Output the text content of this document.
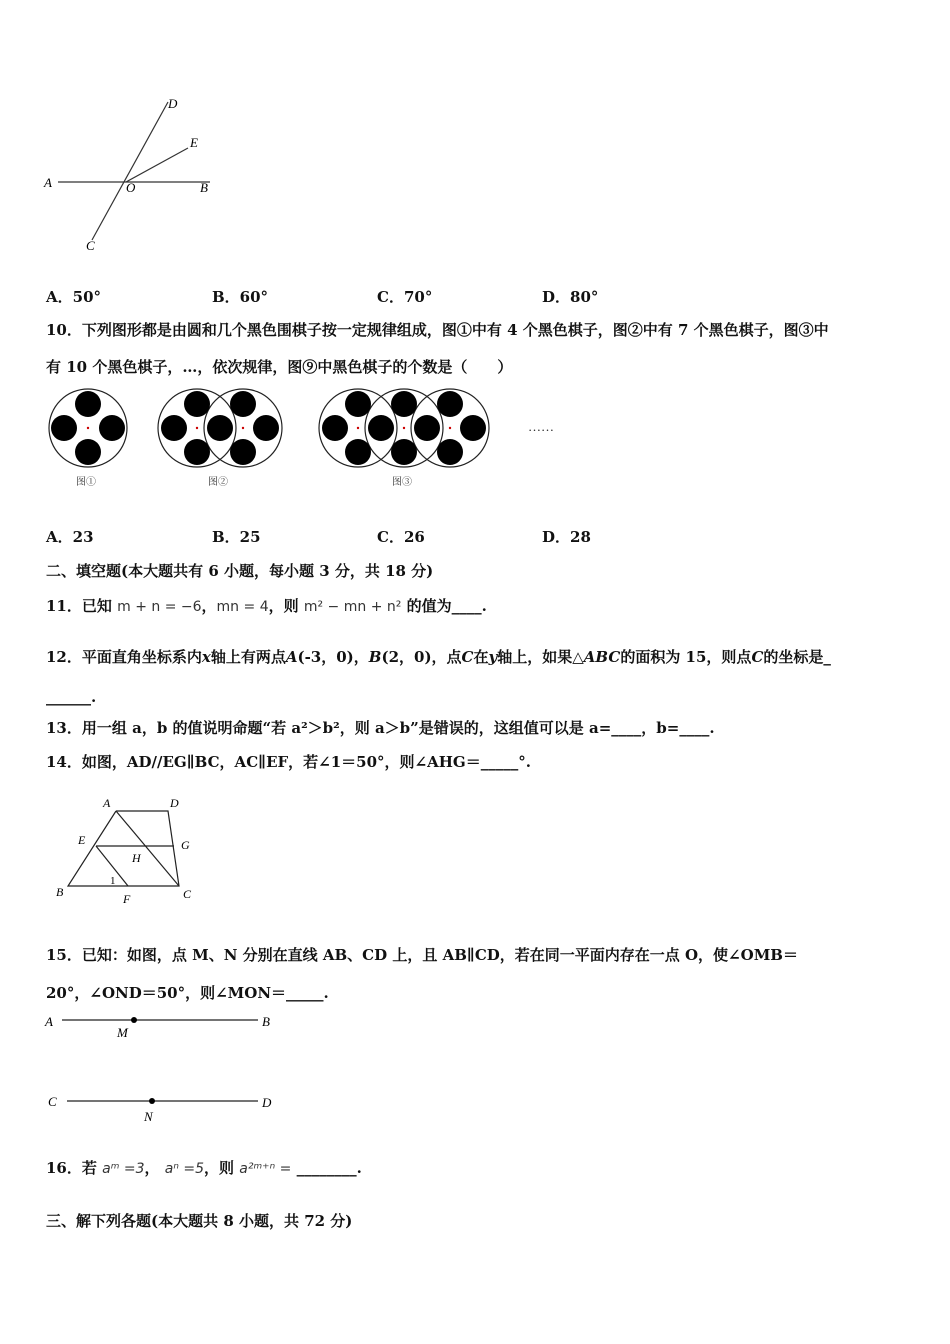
A	B
O
D
E
C
A．50°	B．60°	C．70°	D．80°
10．下列图形都是由圆和几个黑色围棋子按一定规律组成，图①中有 4 个黑色棋子，图②中有 7 个黑色棋子，图③中
有 10 个黑色棋子，…，依次规律，图⑨中黑色棋子的个数是（　　）
图①	图②	图③
……
A．23	B．25	C．26	D．28
二、填空题(本大题共有 6 小题，每小题 3 分，共 18 分)
11．已知 m + n = −6，mn = 4，则 m² − mn + n² 的值为____.
12．平面直角坐标系内x轴上有两点A(-3，0)，B(2，0)，点C在y轴上，如果△ABC的面积为 15，则点C的坐标是_
______.
13．用一组 a，b 的值说明命题“若 a²＞b²，则 a＞b”是错误的，这组值可以是 a=____，b=____.
14．如图，AD//EG∥BC，AC∥EF，若∠1＝50°，则∠AHG＝_____°.
A	D
E	G
H
B	F	C
1
15．已知：如图，点 M、N 分别在直线 AB、CD 上，且 AB∥CD，若在同一平面内存在一点 O，使∠OMB＝
20°，∠OND＝50°，则∠MON＝_____.
A	B
M
C	D
N
16．若 aᵐ =3， aⁿ =5，则 a²ᵐ⁺ⁿ = ________.
三、解下列各题(本大题共 8 小题，共 72 分)
